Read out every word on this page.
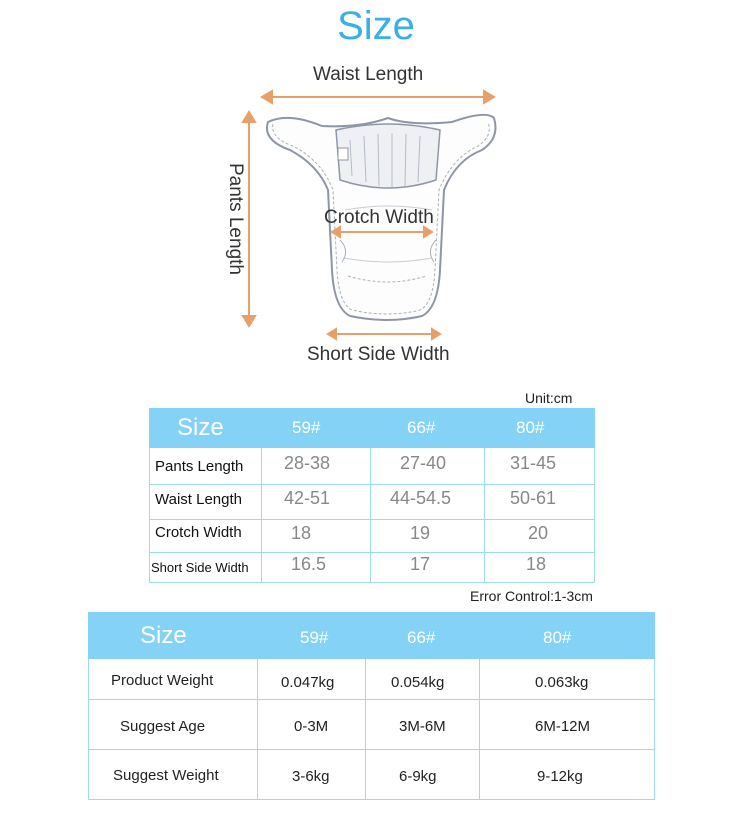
Size
Waist Length
Pants Length	Crotch Width
Short Side Width
Unit:cm
Size	59#	66#	80#
Pants Length 28-38	27-40	31-45
Waist Length 42-51	44-54.5	50-61
Crotch Width	18	19	20
Short Side Width 16.5	17	18
Error Control:1-3cm
Size	59#	66#	80#
Product Weight	0.047kg	0.054kg	0.063kg
Suggest Age	0-3M	3M-6M	6M-12M
Suggest Weight	3-6kg	6-9kg	9-12kg
